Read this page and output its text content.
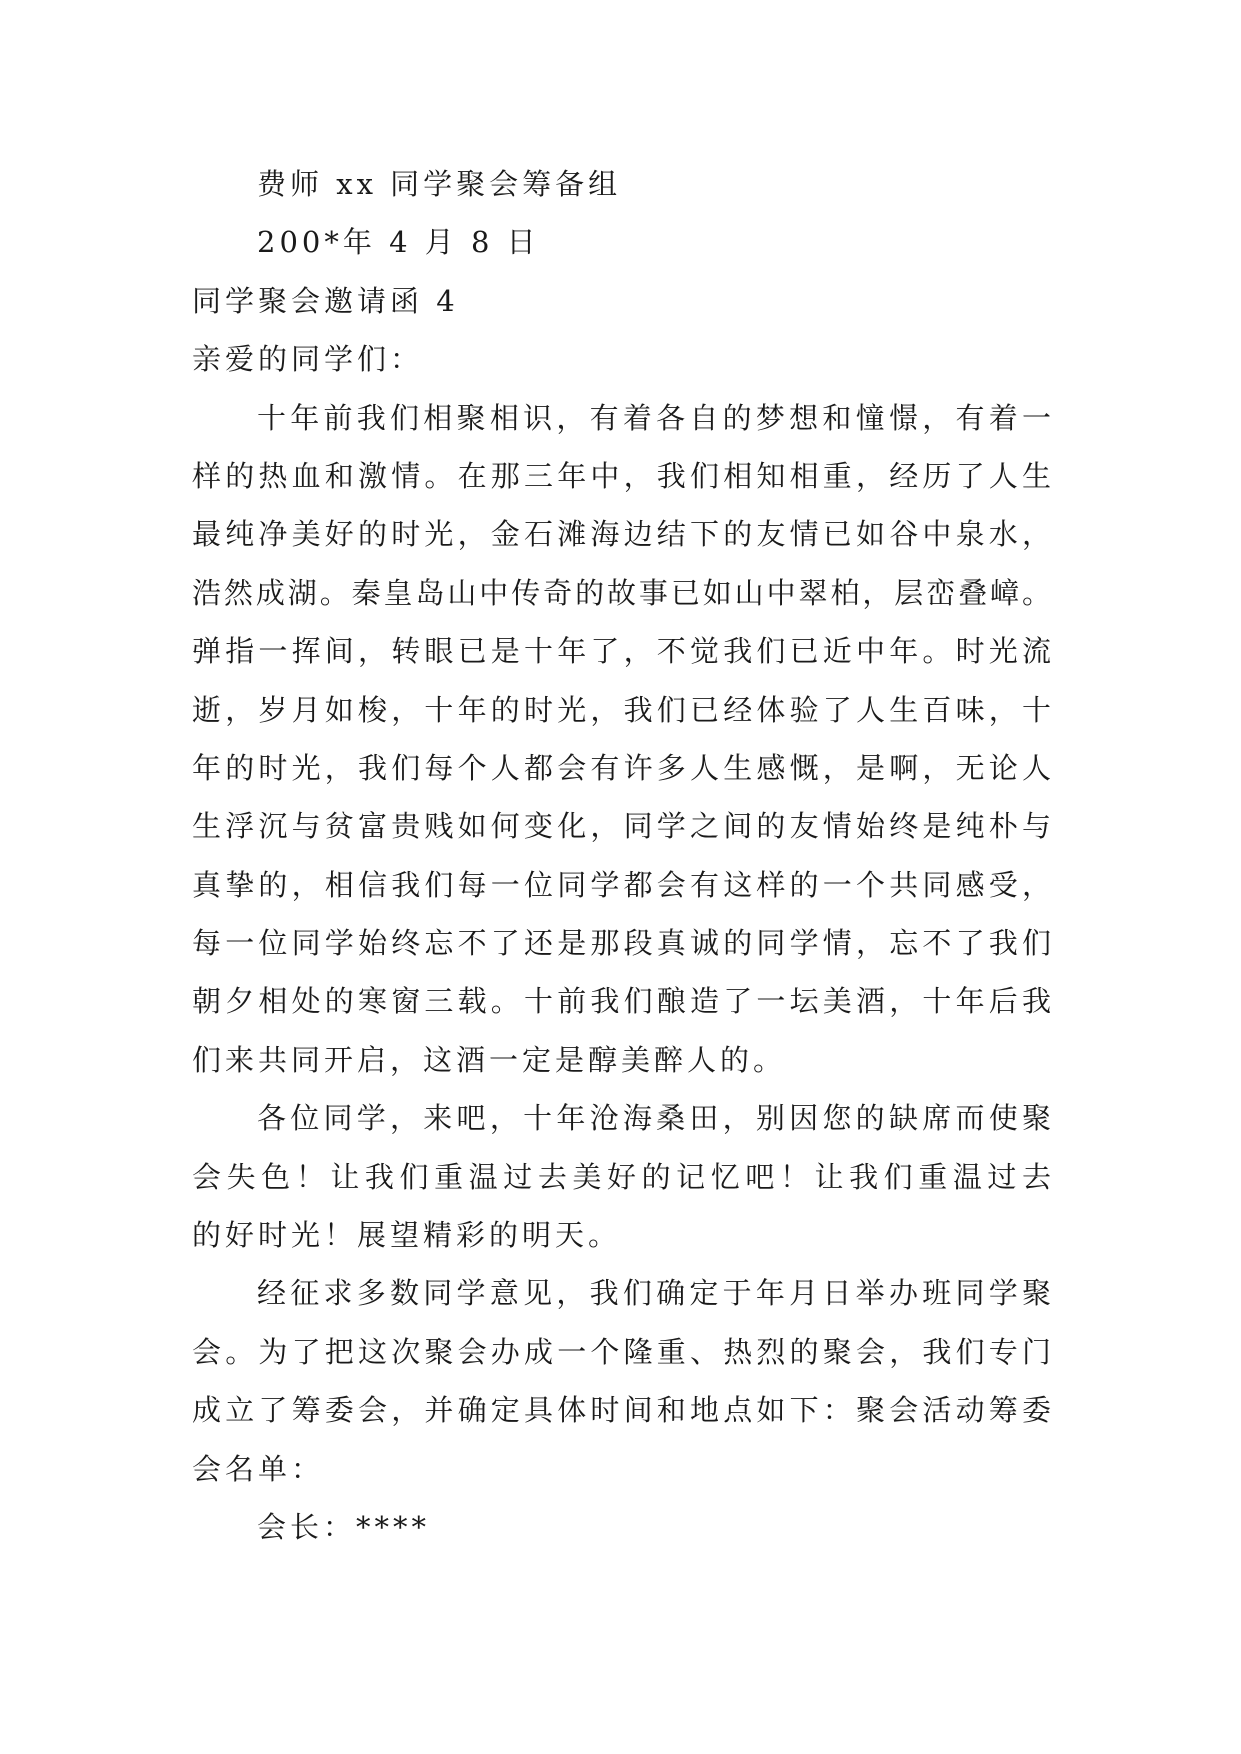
费师 xx 同学聚会筹备组
200*年 4 月 8 日
同学聚会邀请函 4
亲爱的同学们：
十年前我们相聚相识，有着各自的梦想和憧憬，有着一
样的热血和激情。在那三年中，我们相知相重，经历了人生
最纯净美好的时光，金石滩海边结下的友情已如谷中泉水，
浩然成湖。秦皇岛山中传奇的故事已如山中翠柏，层峦叠嶂。
弹指一挥间，转眼已是十年了，不觉我们已近中年。时光流
逝，岁月如梭，十年的时光，我们已经体验了人生百味，十
年的时光，我们每个人都会有许多人生感慨，是啊，无论人
生浮沉与贫富贵贱如何变化，同学之间的友情始终是纯朴与
真挚的，相信我们每一位同学都会有这样的一个共同感受，
每一位同学始终忘不了还是那段真诚的同学情，忘不了我们
朝夕相处的寒窗三载。十前我们酿造了一坛美酒，十年后我
们来共同开启，这酒一定是醇美醉人的。
各位同学，来吧，十年沧海桑田，别因您的缺席而使聚
会失色！让我们重温过去美好的记忆吧！让我们重温过去
的好时光！展望精彩的明天。
经征求多数同学意见，我们确定于年月日举办班同学聚
会。为了把这次聚会办成一个隆重、热烈的聚会，我们专门
成立了筹委会，并确定具体时间和地点如下：聚会活动筹委
会名单：
会长：****
